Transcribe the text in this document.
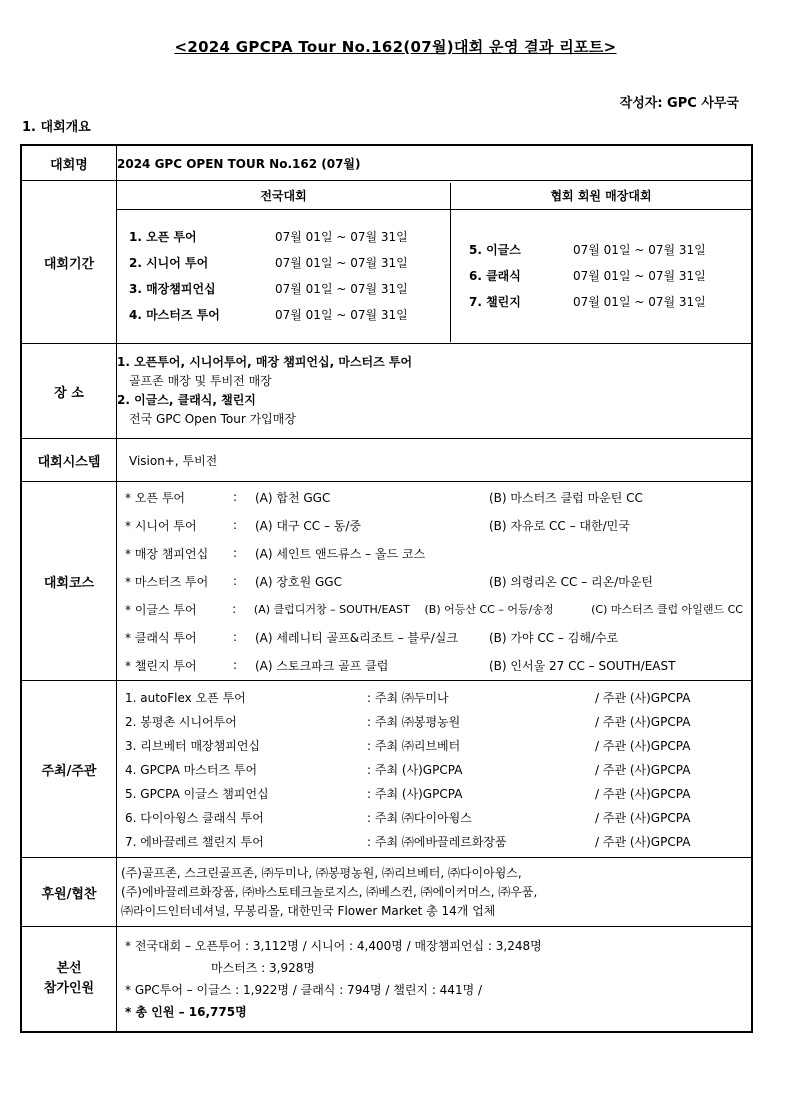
<2024 GPCPA Tour No.162(07월)대회 운영 결과 리포트>
작성자: GPC 사무국
1. 대회개요
대회명	2024 GPC OPEN TOUR No.162 (07월)
대회기간	
전국대회	협회 회원 매장대회

1. 오픈 투어	07월 01일 ~ 07월 31일
2. 시니어 투어	07월 01일 ~ 07월 31일
3. 매장챔피언십	07월 01일 ~ 07월 31일
4. 마스터즈 투어	07월 01일 ~ 07월 31일

5. 이글스	07월 01일 ~ 07월 31일
6. 클래식	07월 01일 ~ 07월 31일
7. 챌린지	07월 01일 ~ 07월 31일

장 소	
1. 오픈투어, 시니어투어, 매장 챔피언십, 마스터즈 투어
골프존 매장 및 투비전 매장
2. 이글스, 클래식, 챌린지
전국 GPC Open Tour 가입매장

대회시스템	Vision+, 투비전
대회코스	
* 오픈 투어	:	(A) 합천 GGC	(B) 마스터즈 클럽 마운틴 CC
* 시니어 투어	:	(A) 대구 CC – 동/중	(B) 자유로 CC – 대한/민국
* 매장 챔피언십	:	(A) 세인트 앤드류스 – 올드 코스
* 마스터즈 투어	:	(A) 장호원 GGC	(B) 의령리온 CC – 리온/마운틴
* 이글스 투어	:	(A) 클럽디거창 – SOUTH/EAST	(B) 어등산 CC – 어등/송정	(C) 마스터즈 클럽 아일랜드 CC
* 클래식 투어	:	(A) 세레니티 골프&리조트 – 블루/실크	(B) 가야 CC – 김해/수로
* 챌린지 투어	:	(A) 스토크파크 골프 클럽	(B) 인서울 27 CC – SOUTH/EAST

주최/주관	
1. autoFlex 오픈 투어	: 주최 ㈜두미나	/ 주관 (사)GPCPA
2. 봉평촌 시니어투어	: 주최 ㈜봉평농원	/ 주관 (사)GPCPA
3. 리브베터 매장챔피언십	: 주최 ㈜리브베터	/ 주관 (사)GPCPA
4. GPCPA 마스터즈 투어	: 주최 (사)GPCPA	/ 주관 (사)GPCPA
5. GPCPA 이글스 챔피언십	: 주최 (사)GPCPA	/ 주관 (사)GPCPA
6. 다이아윙스 클래식 투어	: 주최 ㈜다이아윙스	/ 주관 (사)GPCPA
7. 에바끌레르 챌린지 투어	: 주최 ㈜에바끌레르화장품	/ 주관 (사)GPCPA

후원/협찬	
(주)골프존, 스크린골프존, ㈜두미나, ㈜봉평농원, ㈜리브베터, ㈜다이아윙스,
(주)에바끌레르화장품, ㈜바스토테크놀로지스, ㈜베스컨, ㈜에이커머스, ㈜우품,
㈜라이드인터네셔널, 무봉리몰, 대한민국 Flower Market 총 14개 업체

본선
참가인원

* 전국대회 – 오픈투어 : 3,112명 / 시니어 : 4,400명 / 매장챔피언십 : 3,248명
마스터즈 : 3,928명
* GPC투어 – 이글스 : 1,922명 / 클래식 : 794명 / 챌린지 : 441명 /
* 총 인원 – 16,775명
